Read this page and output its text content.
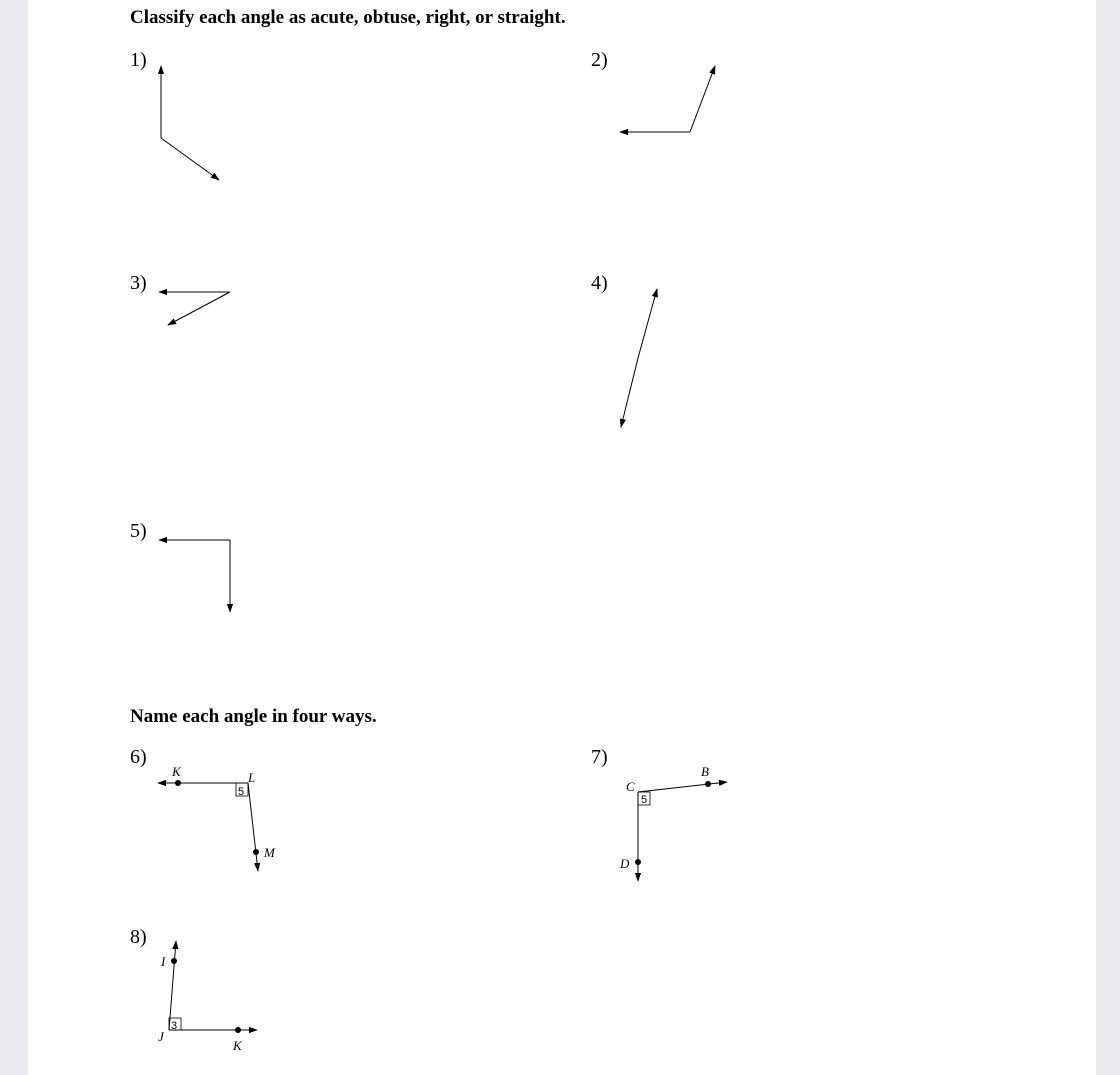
Classify each angle as acute, obtuse, right, or straight.
1)	2)
3)	4)
5)
Name each angle in four ways.
6)	7)
8)
K	L
M
5	C
B
D
5
I
J
K
3
